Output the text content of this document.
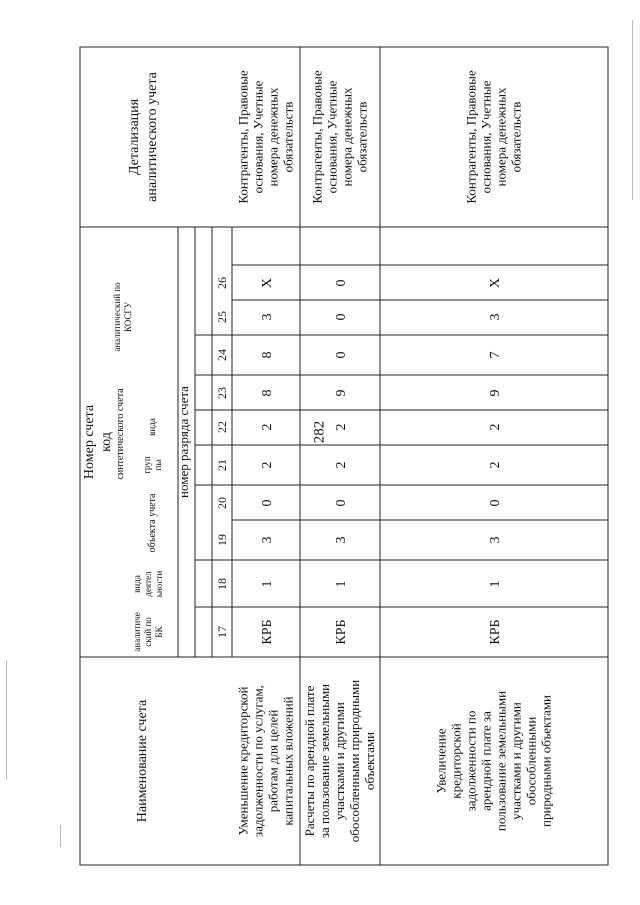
282
Наименование счета
Номер счета код
аналитический поБК
видадеятельности
синтетического счета
объекта учета
группы
вида
аналитический поКОСГУ
номер разряда счета
Детализация аналитического учета
17
18
19
20
21
22
23
24
25
26
Уменьшение кредиторскойзадолженности по услугам,работам для целейкапитальных вложений
КРБ
1
3
0
2
2
8
8
3
X
Контрагенты, Правовыеоснования, Учетныеномера денежныхобязательств
Расчеты по арендной платеза пользование земельнымиучастками и другимиобособленными природнымиобъектами
КРБ
1
3
0
2
2
9
0
0
0
Контрагенты, Правовыеоснования, Учетныеномера денежныхобязательств
Увеличениекредиторскойзадолженности поарендной плате запользование земельнымиучастками и другимиобособленнымиприродными объектами
КРБ
1
3
0
2
2
9
7
3
X
Контрагенты, Правовыеоснования, Учетныеномера денежныхобязательств
